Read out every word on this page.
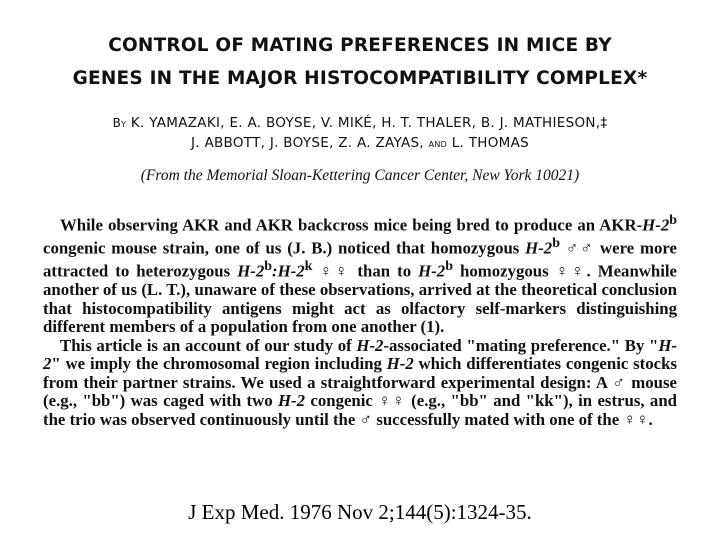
CONTROL OF MATING PREFERENCES IN MICE BY
GENES IN THE MAJOR HISTOCOMPATIBILITY COMPLEX*
By K. YAMAZAKI, E. A. BOYSE, V. MIKÉ, H. T. THALER, B. J. MATHIESON,‡
J. ABBOTT, J. BOYSE, Z. A. ZAYAS, and L. THOMAS
(From the Memorial Sloan-Kettering Cancer Center, New York 10021)

While observing AKR and AKR backcross mice being bred to produce an AKR-H-2$^b$ congenic mouse strain, one of us (J. B.) noticed that homozygous H-2$^b$ ♂♂ were more attracted to heterozygous H-2$^b$:H-2$^k$ ♀♀ than to H-2$^b$ homozygous ♀♀. Meanwhile another of us (L. T.), unaware of these observations, arrived at the theoretical conclusion that histocompatibility antigens might act as olfactory self-markers distinguishing different members of a population from one another (1).

This article is an account of our study of H-2-associated "mating preference." By "H-2" we imply the chromosomal region including H-2 which differentiates congenic stocks from their partner strains. We used a straightforward experimental design: A ♂ mouse (e.g., "bb") was caged with two H-2 congenic ♀♀ (e.g., "bb" and "kk"), in estrus, and the trio was observed continuously until the ♂ successfully mated with one of the ♀♀.

J Exp Med. 1976 Nov 2;144(5):1324-35.
